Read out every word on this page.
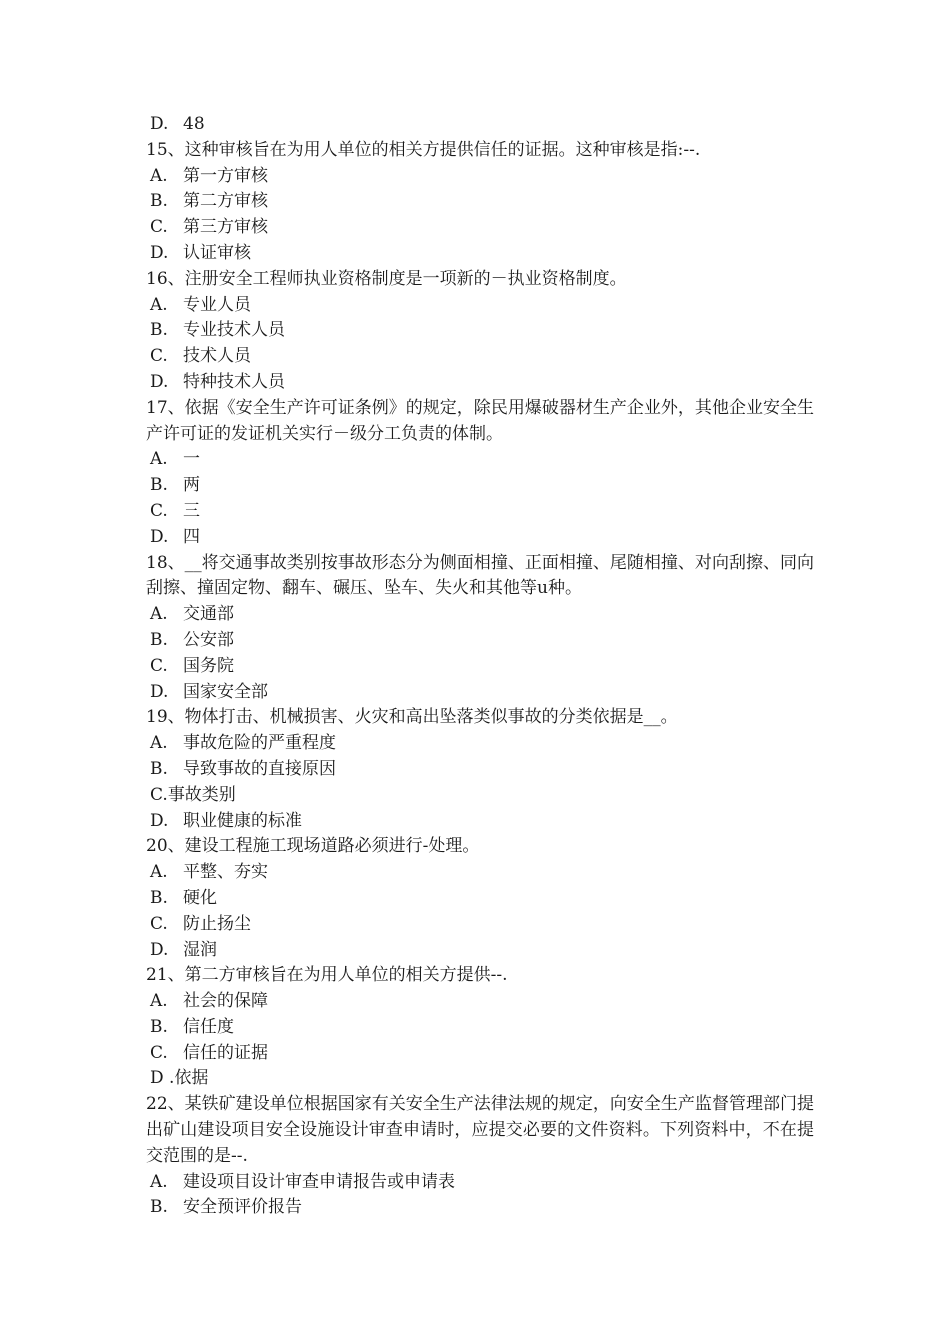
D. 48
15、这种审核旨在为用人单位的相关方提供信任的证据。这种审核是指:--.
A. 第一方审核
B. 第二方审核
C. 第三方审核
D. 认证审核
16、注册安全工程师执业资格制度是一项新的－执业资格制度。
A. 专业人员
B. 专业技术人员
C. 技术人员
D. 特种技术人员
17、依据《安全生产许可证条例》的规定，除民用爆破器材生产企业外，其他企业安全生产许可证的发证机关实行－级分工负责的体制。
A. 一
B. 两
C. 三
D. 四
18、__将交通事故类别按事故形态分为侧面相撞、正面相撞、尾随相撞、对向刮擦、同向刮擦、撞固定物、翻车、碾压、坠车、失火和其他等u种。
A. 交通部
B. 公安部
C. 国务院
D. 国家安全部
19、物体打击、机械损害、火灾和高出坠落类似事故的分类依据是__。
A. 事故危险的严重程度
B. 导致事故的直接原因
C.事故类别
D. 职业健康的标准
20、建设工程施工现场道路必须进行-处理。
A. 平整、夯实
B. 硬化
C. 防止扬尘
D. 湿润
21、第二方审核旨在为用人单位的相关方提供--.
A. 社会的保障
B. 信任度
C. 信任的证据
D .依据
22、某铁矿建设单位根据国家有关安全生产法律法规的规定，向安全生产监督管理部门提出矿山建设项目安全设施设计审查申请时，应提交必要的文件资料。下列资料中，不在提交范围的是--.
A. 建设项目设计审查申请报告或申请表
B. 安全预评价报告
